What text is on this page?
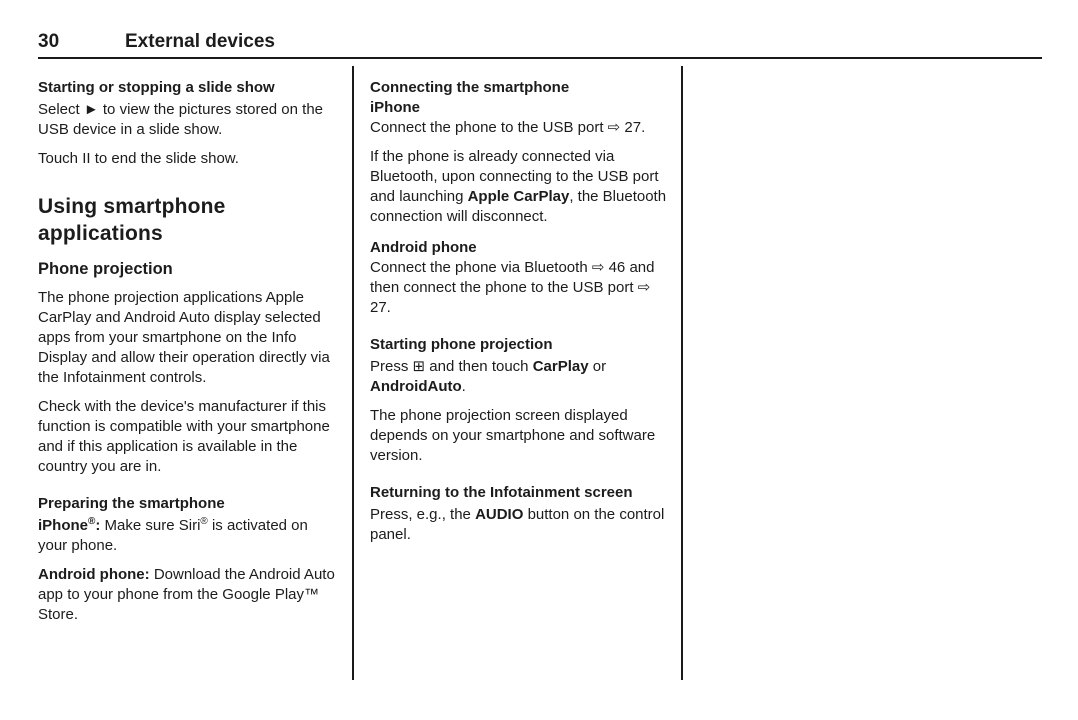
30	External devices
Starting or stopping a slide show

Select ► to view the pictures stored on the USB device in a slide show.

Touch II to end the slide show.

Using smartphone applications
Phone projection

The phone projection applications Apple CarPlay and Android Auto display selected apps from your smartphone on the Info Display and allow their operation directly via the Infotainment controls.

Check with the device's manufacturer if this function is compatible with your smartphone and if this application is available in the country you are in.

Preparing the smartphone

iPhone®: Make sure Siri® is activated on your phone.

Android phone: Download the Android Auto app to your phone from the Google Play™ Store.

Connecting the smartphone
iPhone

Connect the phone to the USB port ⇨ 27.

If the phone is already connected via Bluetooth, upon connecting to the USB port and launching Apple CarPlay, the Bluetooth connection will disconnect.

Android phone

Connect the phone via Bluetooth ⇨ 46 and then connect the phone to the USB port ⇨ 27.

Starting phone projection

Press ⊞ and then touch CarPlay or AndroidAuto.

The phone projection screen displayed depends on your smartphone and software version.

Returning to the Infotainment screen

Press, e.g., the AUDIO button on the control panel.
